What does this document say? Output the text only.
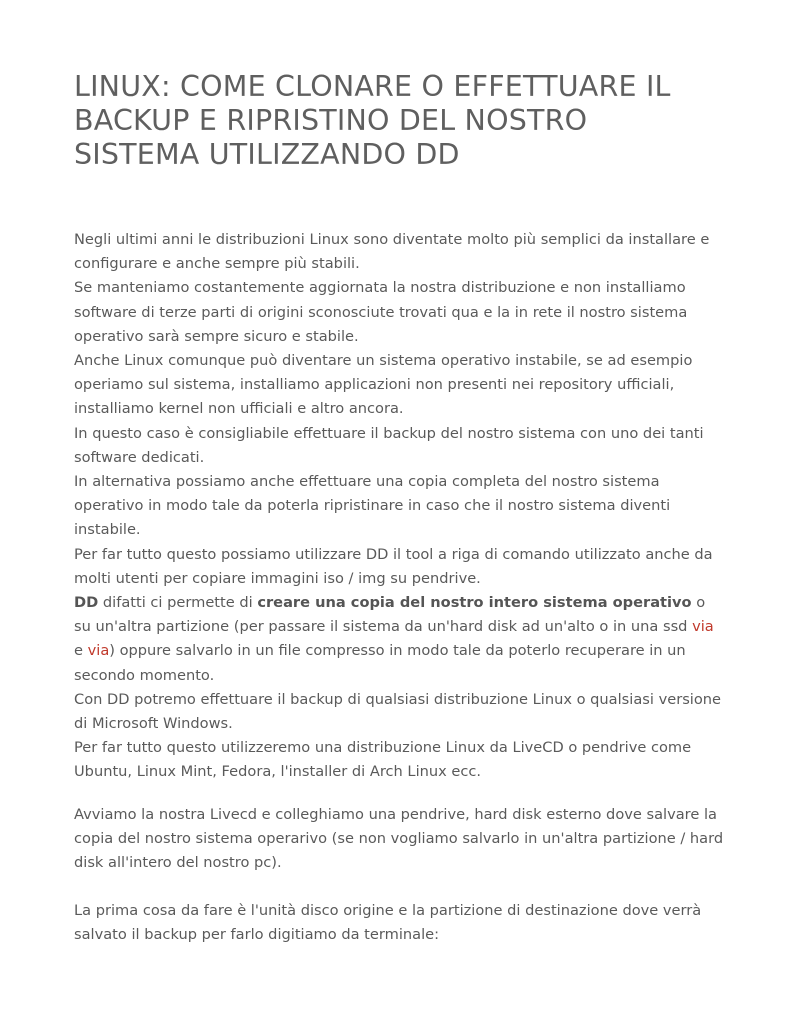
LINUX: COME CLONARE O EFFETTUARE IL BACKUP E RIPRISTINO DEL NOSTRO SISTEMA UTILIZZANDO DD

Negli ultimi anni le distribuzioni Linux sono diventate molto più semplici da installare e configurare e anche sempre più stabili.

Se manteniamo costantemente aggiornata la nostra distribuzione e non installiamo software di terze parti di origini sconosciute trovati qua e la in rete il nostro sistema operativo sarà sempre sicuro e stabile.

Anche Linux comunque può diventare un sistema operativo instabile, se ad esempio operiamo sul sistema, installiamo applicazioni non presenti nei repository ufficiali, installiamo kernel non ufficiali e altro ancora.

In questo caso è consigliabile effettuare il backup del nostro sistema con uno dei tanti software dedicati.

In alternativa possiamo anche effettuare una copia completa del nostro sistema operativo in modo tale da poterla ripristinare in caso che il nostro sistema diventi instabile.

Per far tutto questo possiamo utilizzare DD il tool a riga di comando utilizzato anche da molti utenti per copiare immagini iso / img su pendrive.

DD difatti ci permette di creare una copia del nostro intero sistema operativo o su un'altra partizione (per passare il sistema da un'hard disk ad un'alto o in una ssd via e via) oppure salvarlo in un file compresso in modo tale da poterlo recuperare in un secondo momento.

Con DD potremo effettuare il backup di qualsiasi distribuzione Linux o qualsiasi versione di Microsoft Windows.

Per far tutto questo utilizzeremo una distribuzione Linux da LiveCD o pendrive come Ubuntu, Linux Mint, Fedora, l'installer di Arch Linux ecc.

Avviamo la nostra Livecd e colleghiamo una pendrive, hard disk esterno dove salvare la copia del nostro sistema operarivo (se non vogliamo salvarlo in un'altra partizione / hard disk all'intero del nostro pc).

La prima cosa da fare è l'unità disco origine e la partizione di destinazione dove verrà salvato il backup per farlo digitiamo da terminale:
